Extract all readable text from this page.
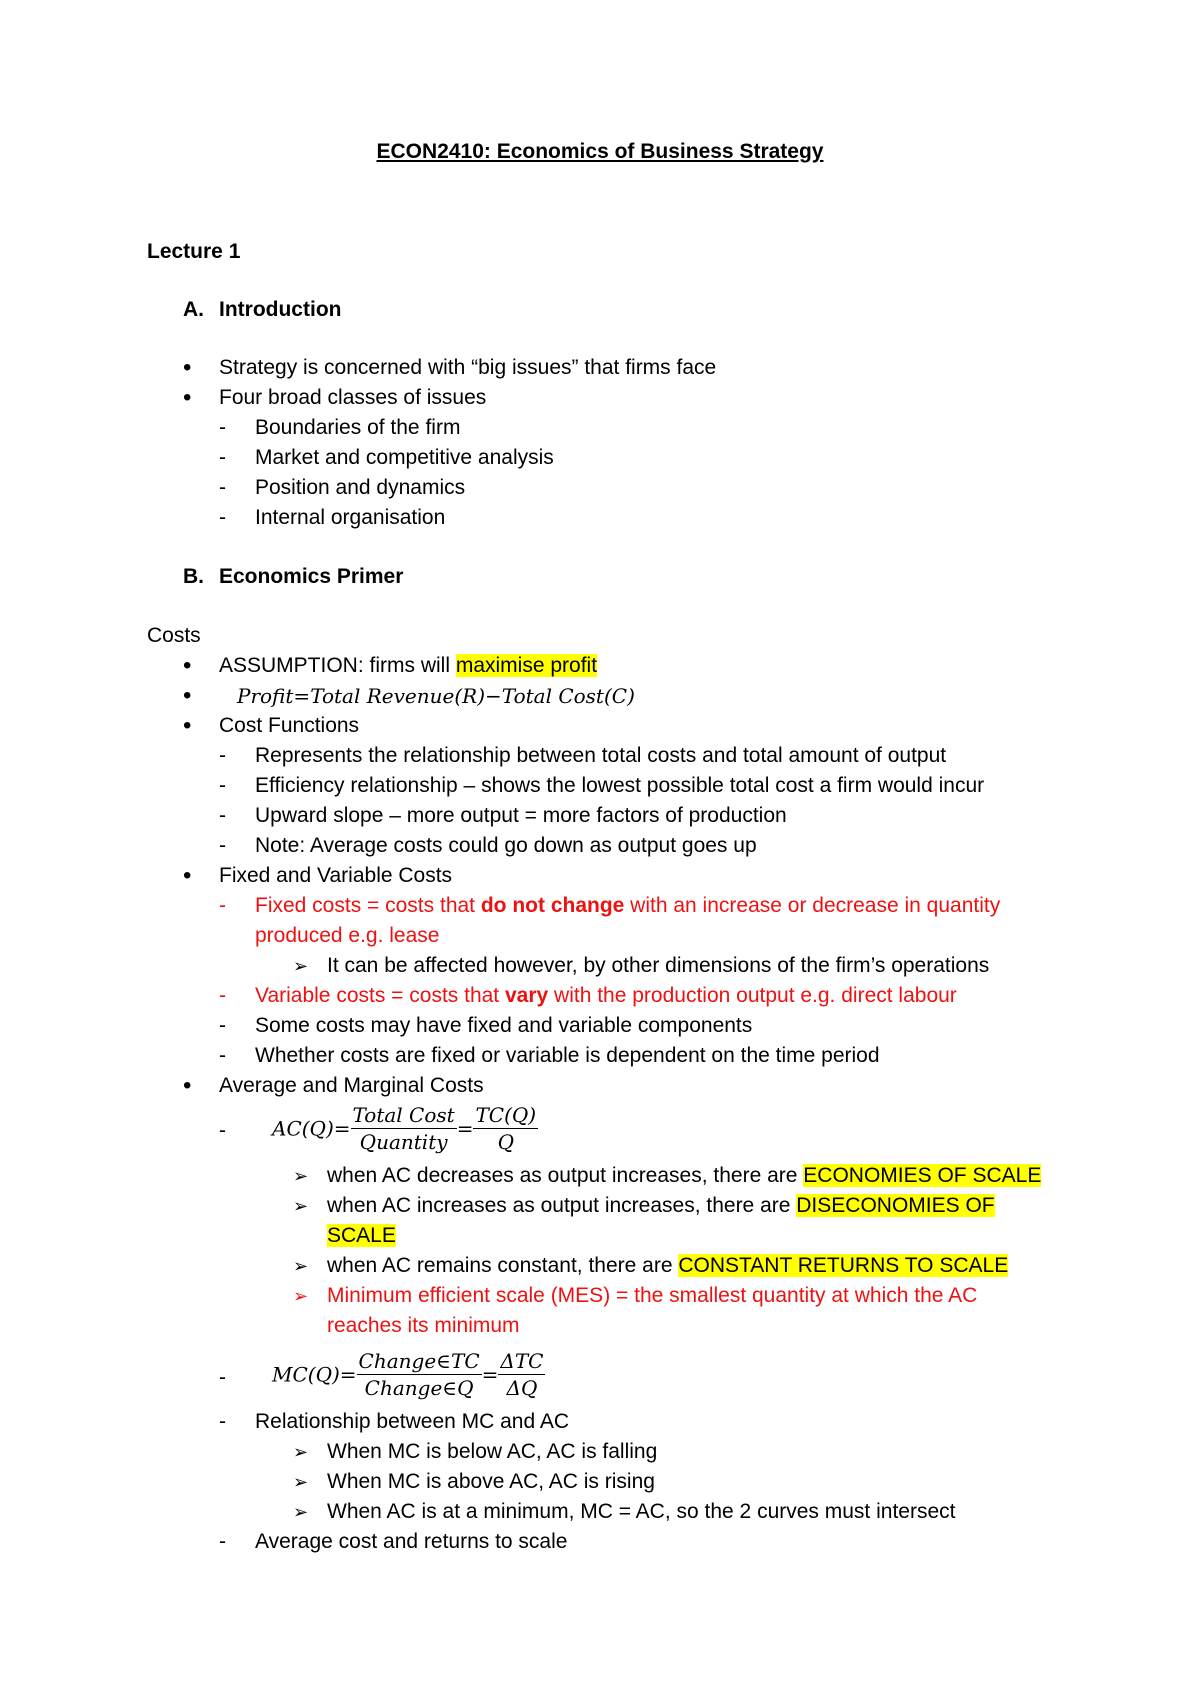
ECON2410: Economics of Business Strategy
Lecture 1
A. Introduction
• Strategy is concerned with “big issues” that firms face
• Four broad classes of issues
- Boundaries of the firm
- Market and competitive analysis
- Position and dynamics
- Internal organisation
B. Economics Primer
Costs
• ASSUMPTION: firms will maximise profit
• Profit=Total Revenue(R)−Total Cost(C)
• Cost Functions
- Represents the relationship between total costs and total amount of output
- Efficiency relationship – shows the lowest possible total cost a firm would incur
- Upward slope – more output = more factors of production
- Note: Average costs could go down as output goes up
• Fixed and Variable Costs
- Fixed costs = costs that do not change with an increase or decrease in quantity
produced e.g. lease
➢ It can be affected however, by other dimensions of the firm’s operations
- Variable costs = costs that vary with the production output e.g. direct labour
- Some costs may have fixed and variable components
- Whether costs are fixed or variable is dependent on the time period
• Average and Marginal Costs
- $AC(Q)= \frac{\text{Total Cost}}{\text{Quantity}} = \frac{TC(Q)}{Q}$
➢ when AC decreases as output increases, there are ECONOMIES OF SCALE
➢ when AC increases as output increases, there are DISECONOMIES OF
SCALE
➢ when AC remains constant, there are CONSTANT RETURNS TO SCALE
➢ Minimum efficient scale (MES) = the smallest quantity at which the AC
reaches its minimum
- $MC(Q)= \frac{\text{Change∈TC}}{\text{Change∈Q}} = \frac{\text{ΔTC}}{\Delta Q}$
- Relationship between MC and AC
➢ When MC is below AC, AC is falling
➢ When MC is above AC, AC is rising
➢ When AC is at a minimum, MC = AC, so the 2 curves must intersect
- Average cost and returns to scale
